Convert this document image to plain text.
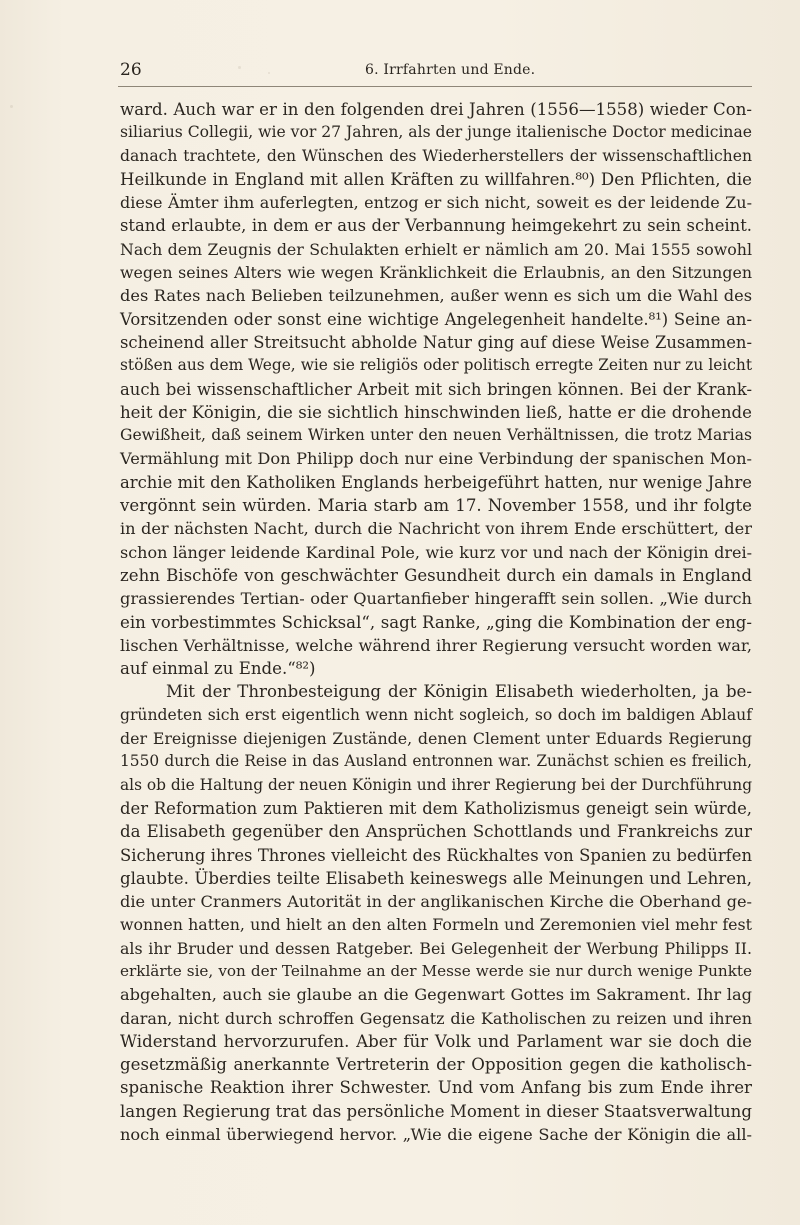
26	6. Irrfahrten und Ende.
ward. Auch war er in den folgenden drei Jahren (1556—1558) wieder Con-
siliarius Collegii, wie vor 27 Jahren, als der junge italienische Doctor medicinae
danach trachtete, den Wünschen des Wiederherstellers der wissenschaftlichen
Heilkunde in England mit allen Kräften zu willfahren.⁸⁰) Den Pflichten, die
diese Ämter ihm auferlegten, entzog er sich nicht, soweit es der leidende Zu-
stand erlaubte, in dem er aus der Verbannung heimgekehrt zu sein scheint.
Nach dem Zeugnis der Schulakten erhielt er nämlich am 20. Mai 1555 sowohl
wegen seines Alters wie wegen Kränklichkeit die Erlaubnis, an den Sitzungen
des Rates nach Belieben teilzunehmen, außer wenn es sich um die Wahl des
Vorsitzenden oder sonst eine wichtige Angelegenheit handelte.⁸¹) Seine an-
scheinend aller Streitsucht abholde Natur ging auf diese Weise Zusammen-
stößen aus dem Wege, wie sie religiös oder politisch erregte Zeiten nur zu leicht
auch bei wissenschaftlicher Arbeit mit sich bringen können. Bei der Krank-
heit der Königin, die sie sichtlich hinschwinden ließ, hatte er die drohende
Gewißheit, daß seinem Wirken unter den neuen Verhältnissen, die trotz Marias
Vermählung mit Don Philipp doch nur eine Verbindung der spanischen Mon-
archie mit den Katholiken Englands herbeigeführt hatten, nur wenige Jahre
vergönnt sein würden. Maria starb am 17. November 1558, und ihr folgte
in der nächsten Nacht, durch die Nachricht von ihrem Ende erschüttert, der
schon länger leidende Kardinal Pole, wie kurz vor und nach der Königin drei-
zehn Bischöfe von geschwächter Gesundheit durch ein damals in England
grassierendes Tertian- oder Quartanfieber hingerafft sein sollen. „Wie durch
ein vorbestimmtes Schicksal“, sagt Ranke, „ging die Kombination der eng-
lischen Verhältnisse, welche während ihrer Regierung versucht worden war,
auf einmal zu Ende.“⁸²)
Mit der Thronbesteigung der Königin Elisabeth wiederholten, ja be-
gründeten sich erst eigentlich wenn nicht sogleich, so doch im baldigen Ablauf
der Ereignisse diejenigen Zustände, denen Clement unter Eduards Regierung
1550 durch die Reise in das Ausland entronnen war. Zunächst schien es freilich,
als ob die Haltung der neuen Königin und ihrer Regierung bei der Durchführung
der Reformation zum Paktieren mit dem Katholizismus geneigt sein würde,
da Elisabeth gegenüber den Ansprüchen Schottlands und Frankreichs zur
Sicherung ihres Thrones vielleicht des Rückhaltes von Spanien zu bedürfen
glaubte. Überdies teilte Elisabeth keineswegs alle Meinungen und Lehren,
die unter Cranmers Autorität in der anglikanischen Kirche die Oberhand ge-
wonnen hatten, und hielt an den alten Formeln und Zeremonien viel mehr fest
als ihr Bruder und dessen Ratgeber. Bei Gelegenheit der Werbung Philipps II.
erklärte sie, von der Teilnahme an der Messe werde sie nur durch wenige Punkte
abgehalten, auch sie glaube an die Gegenwart Gottes im Sakrament. Ihr lag
daran, nicht durch schroffen Gegensatz die Katholischen zu reizen und ihren
Widerstand hervorzurufen. Aber für Volk und Parlament war sie doch die
gesetzmäßig anerkannte Vertreterin der Opposition gegen die katholisch-
spanische Reaktion ihrer Schwester. Und vom Anfang bis zum Ende ihrer
langen Regierung trat das persönliche Moment in dieser Staatsverwaltung
noch einmal überwiegend hervor. „Wie die eigene Sache der Königin die all-
